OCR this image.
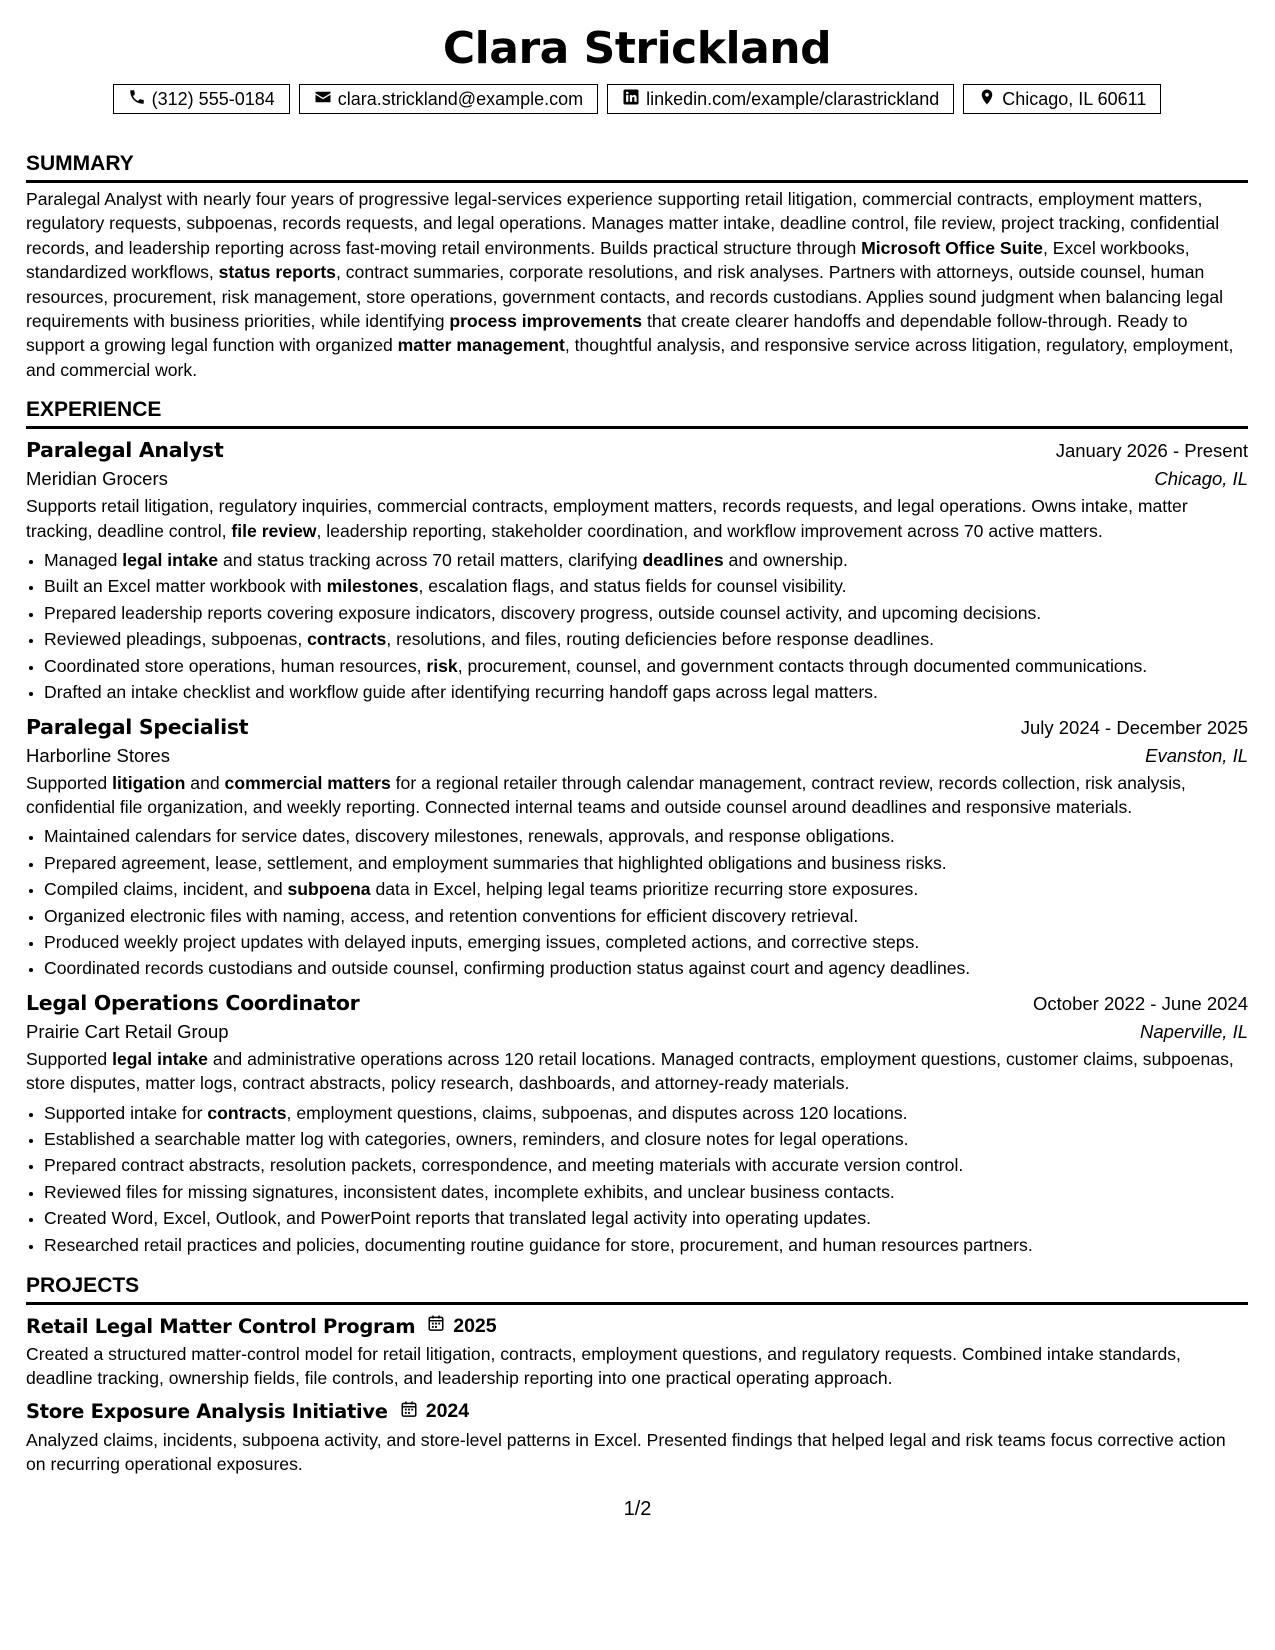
Clara Strickland
(312) 555-0184	clara.strickland@example.com	linkedin.com/example/clarastrickland	Chicago, IL 60611
SUMMARY
Paralegal Analyst with nearly four years of progressive legal-services experience supporting retail litigation, commercial contracts, employment matters, regulatory requests, subpoenas, records requests, and legal operations. Manages matter intake, deadline control, file review, project tracking, confidential records, and leadership reporting across fast-moving retail environments. Builds practical structure through Microsoft Office Suite, Excel workbooks, standardized workflows, status reports, contract summaries, corporate resolutions, and risk analyses. Partners with attorneys, outside counsel, human resources, procurement, risk management, store operations, government contacts, and records custodians. Applies sound judgment when balancing legal requirements with business priorities, while identifying process improvements that create clearer handoffs and dependable follow-through. Ready to support a growing legal function with organized matter management, thoughtful analysis, and responsive service across litigation, regulatory, employment, and commercial work.
EXPERIENCE
Paralegal Analyst	January 2026 - Present
Meridian Grocers	Chicago, IL
Supports retail litigation, regulatory inquiries, commercial contracts, employment matters, records requests, and legal operations. Owns intake, matter tracking, deadline control, file review, leadership reporting, stakeholder coordination, and workflow improvement across 70 active matters.
• Managed legal intake and status tracking across 70 retail matters, clarifying deadlines and ownership.
• Built an Excel matter workbook with milestones, escalation flags, and status fields for counsel visibility.
• Prepared leadership reports covering exposure indicators, discovery progress, outside counsel activity, and upcoming decisions.
• Reviewed pleadings, subpoenas, contracts, resolutions, and files, routing deficiencies before response deadlines.
• Coordinated store operations, human resources, risk, procurement, counsel, and government contacts through documented communications.
• Drafted an intake checklist and workflow guide after identifying recurring handoff gaps across legal matters.
Paralegal Specialist	July 2024 - December 2025
Harborline Stores	Evanston, IL
Supported litigation and commercial matters for a regional retailer through calendar management, contract review, records collection, risk analysis, confidential file organization, and weekly reporting. Connected internal teams and outside counsel around deadlines and responsive materials.
• Maintained calendars for service dates, discovery milestones, renewals, approvals, and response obligations.
• Prepared agreement, lease, settlement, and employment summaries that highlighted obligations and business risks.
• Compiled claims, incident, and subpoena data in Excel, helping legal teams prioritize recurring store exposures.
• Organized electronic files with naming, access, and retention conventions for efficient discovery retrieval.
• Produced weekly project updates with delayed inputs, emerging issues, completed actions, and corrective steps.
• Coordinated records custodians and outside counsel, confirming production status against court and agency deadlines.
Legal Operations Coordinator	October 2022 - June 2024
Prairie Cart Retail Group	Naperville, IL
Supported legal intake and administrative operations across 120 retail locations. Managed contracts, employment questions, customer claims, subpoenas, store disputes, matter logs, contract abstracts, policy research, dashboards, and attorney-ready materials.
• Supported intake for contracts, employment questions, claims, subpoenas, and disputes across 120 locations.
• Established a searchable matter log with categories, owners, reminders, and closure notes for legal operations.
• Prepared contract abstracts, resolution packets, correspondence, and meeting materials with accurate version control.
• Reviewed files for missing signatures, inconsistent dates, incomplete exhibits, and unclear business contacts.
• Created Word, Excel, Outlook, and PowerPoint reports that translated legal activity into operating updates.
• Researched retail practices and policies, documenting routine guidance for store, procurement, and human resources partners.
PROJECTS
Retail Legal Matter Control Program 2025
Created a structured matter-control model for retail litigation, contracts, employment questions, and regulatory requests. Combined intake standards, deadline tracking, ownership fields, file controls, and leadership reporting into one practical operating approach.
Store Exposure Analysis Initiative 2024
Analyzed claims, incidents, subpoena activity, and store-level patterns in Excel. Presented findings that helped legal and risk teams focus corrective action on recurring operational exposures.
1/2
